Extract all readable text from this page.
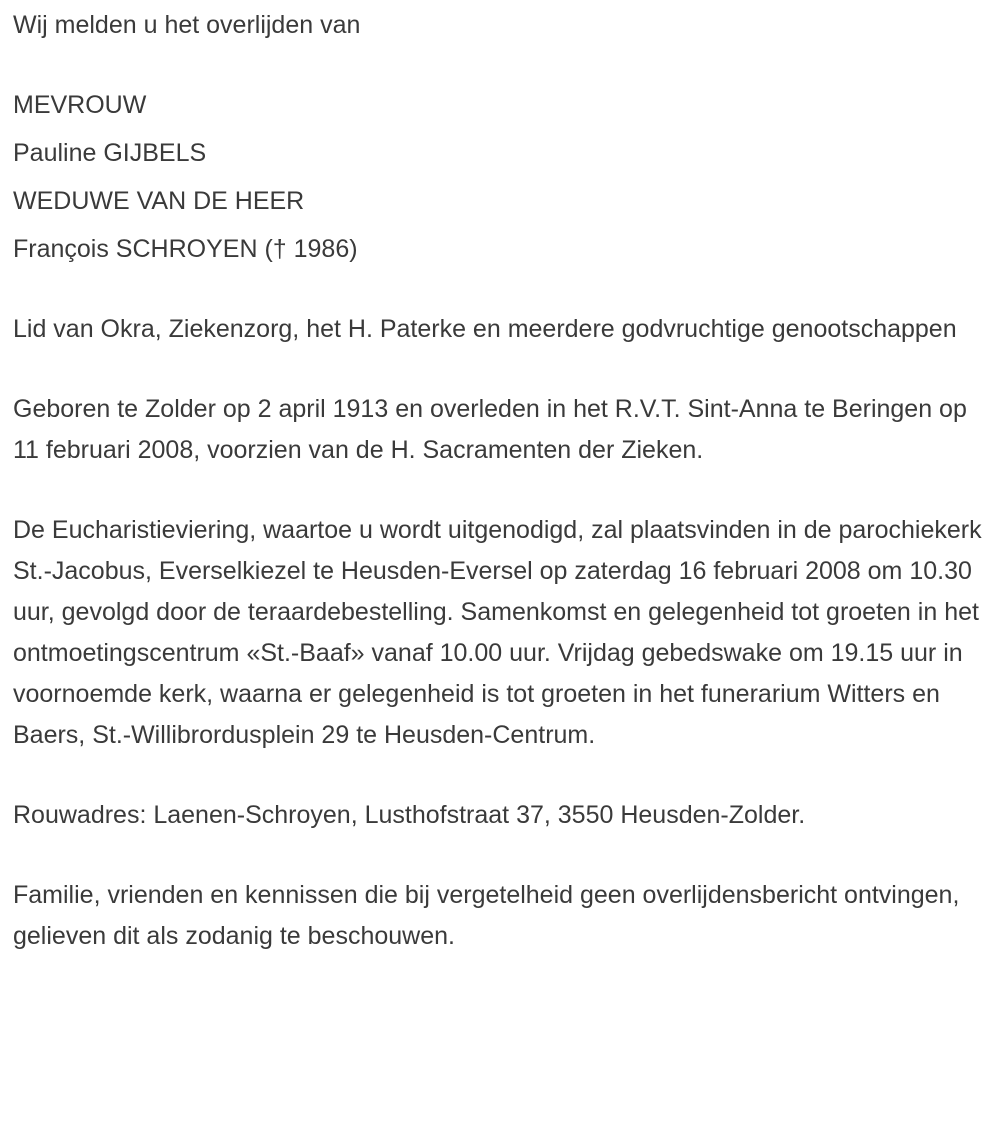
Wij melden u het overlijden van

MEVROUW

Pauline GIJBELS

WEDUWE VAN DE HEER

François SCHROYEN († 1986)

Lid van Okra, Ziekenzorg, het H. Paterke en meerdere godvruchtige genootschappen

Geboren te Zolder op 2 april 1913 en overleden in het R.V.T. Sint-Anna te Beringen op 11 februari 2008, voorzien van de H. Sacramenten der Zieken.

De Eucharistieviering, waartoe u wordt uitgenodigd, zal plaatsvinden in de parochiekerk St.-Jacobus, Everselkiezel te Heusden-Eversel op zaterdag 16 februari 2008 om 10.30 uur, gevolgd door de teraardebestelling. Samenkomst en gelegenheid tot groeten in het ontmoetingscentrum «St.-Baaf» vanaf 10.00 uur. Vrijdag gebedswake om 19.15 uur in voornoemde kerk, waarna er gelegenheid is tot groeten in het funerarium Witters en Baers, St.-Willibrordusplein 29 te Heusden-Centrum.

Rouwadres: Laenen-Schroyen, Lusthofstraat 37, 3550 Heusden-Zolder.

Familie, vrienden en kennissen die bij vergetelheid geen overlijdensbericht ontvingen, gelieven dit als zodanig te beschouwen.
